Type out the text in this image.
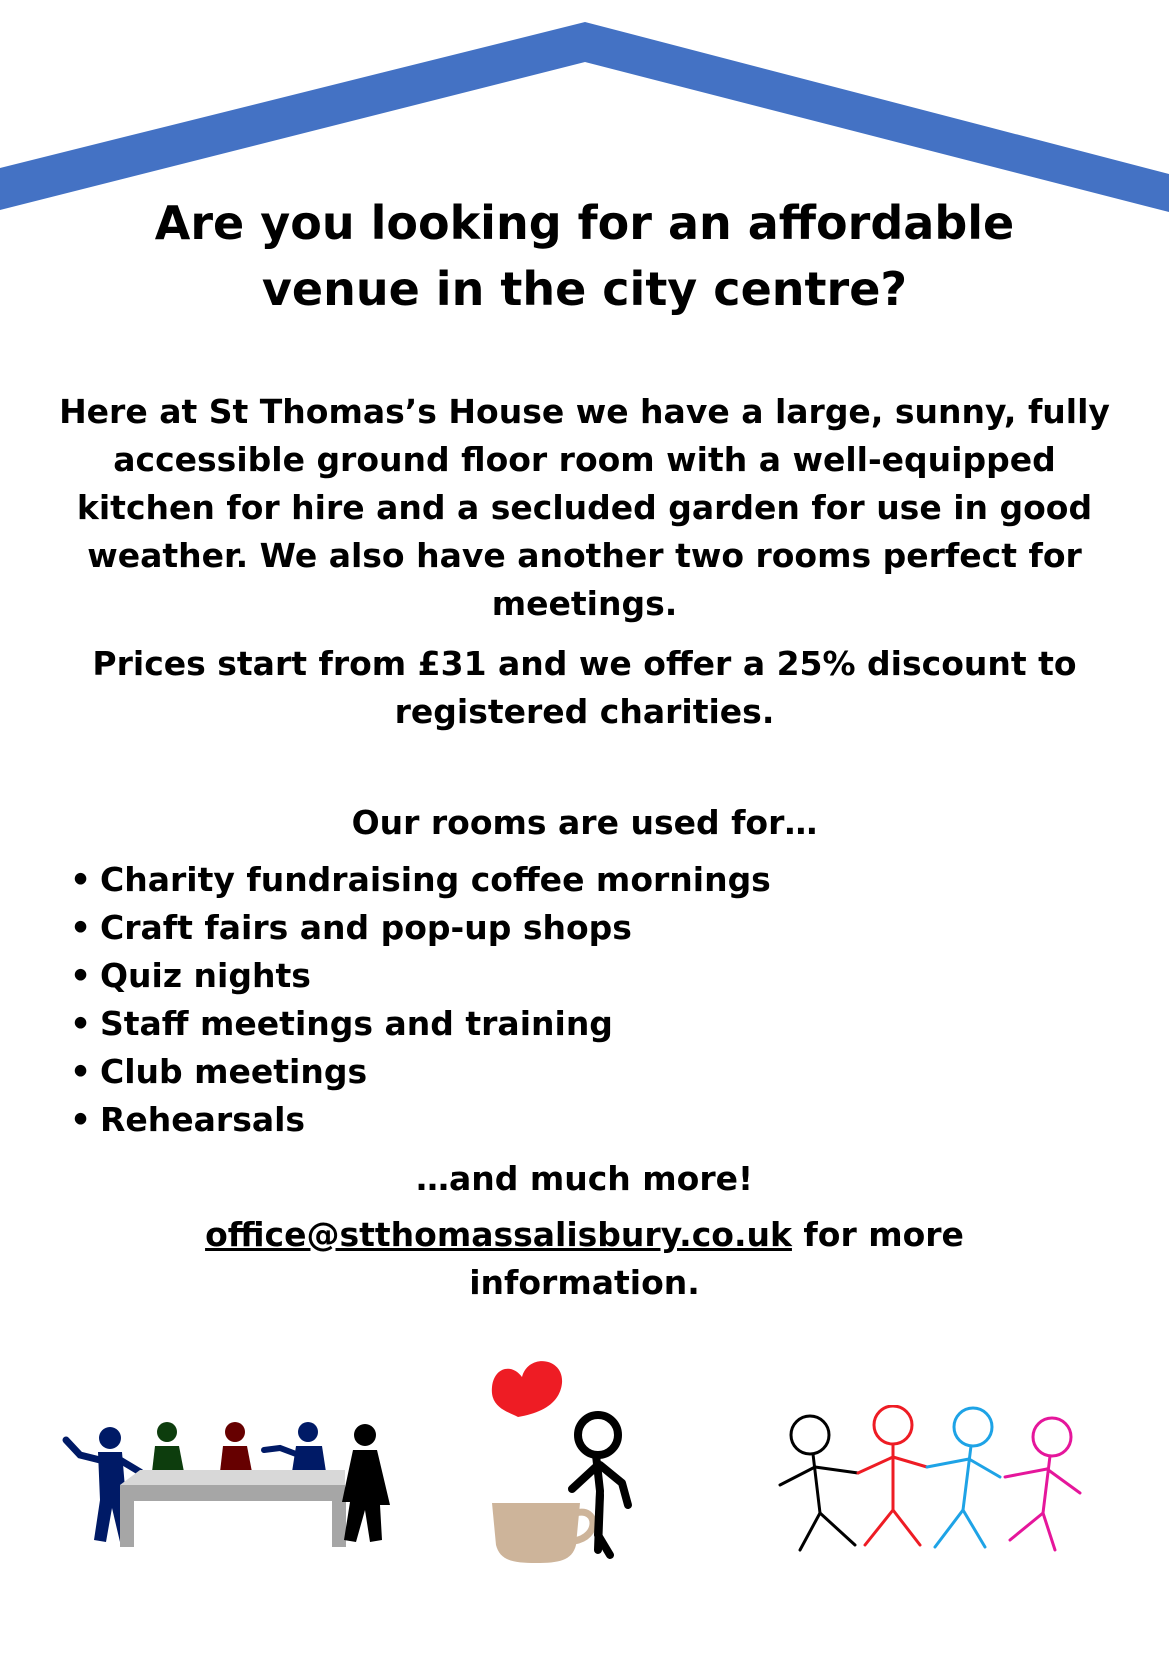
Are you looking for an affordable
venue in the city centre?

Here at St Thomas’s House we have a large, sunny, fully accessible ground floor room with a well-equipped kitchen for hire and a secluded garden for use in good weather. We also have another two rooms perfect for meetings.

Prices start from £31 and we offer a 25% discount to registered charities.

Our rooms are used for…

• Charity fundraising coffee mornings
• Craft fairs and pop-up shops
• Quiz nights
• Staff meetings and training
• Club meetings
• Rehearsals

…and much more!

office@stthomassalisbury.co.uk for more information.
